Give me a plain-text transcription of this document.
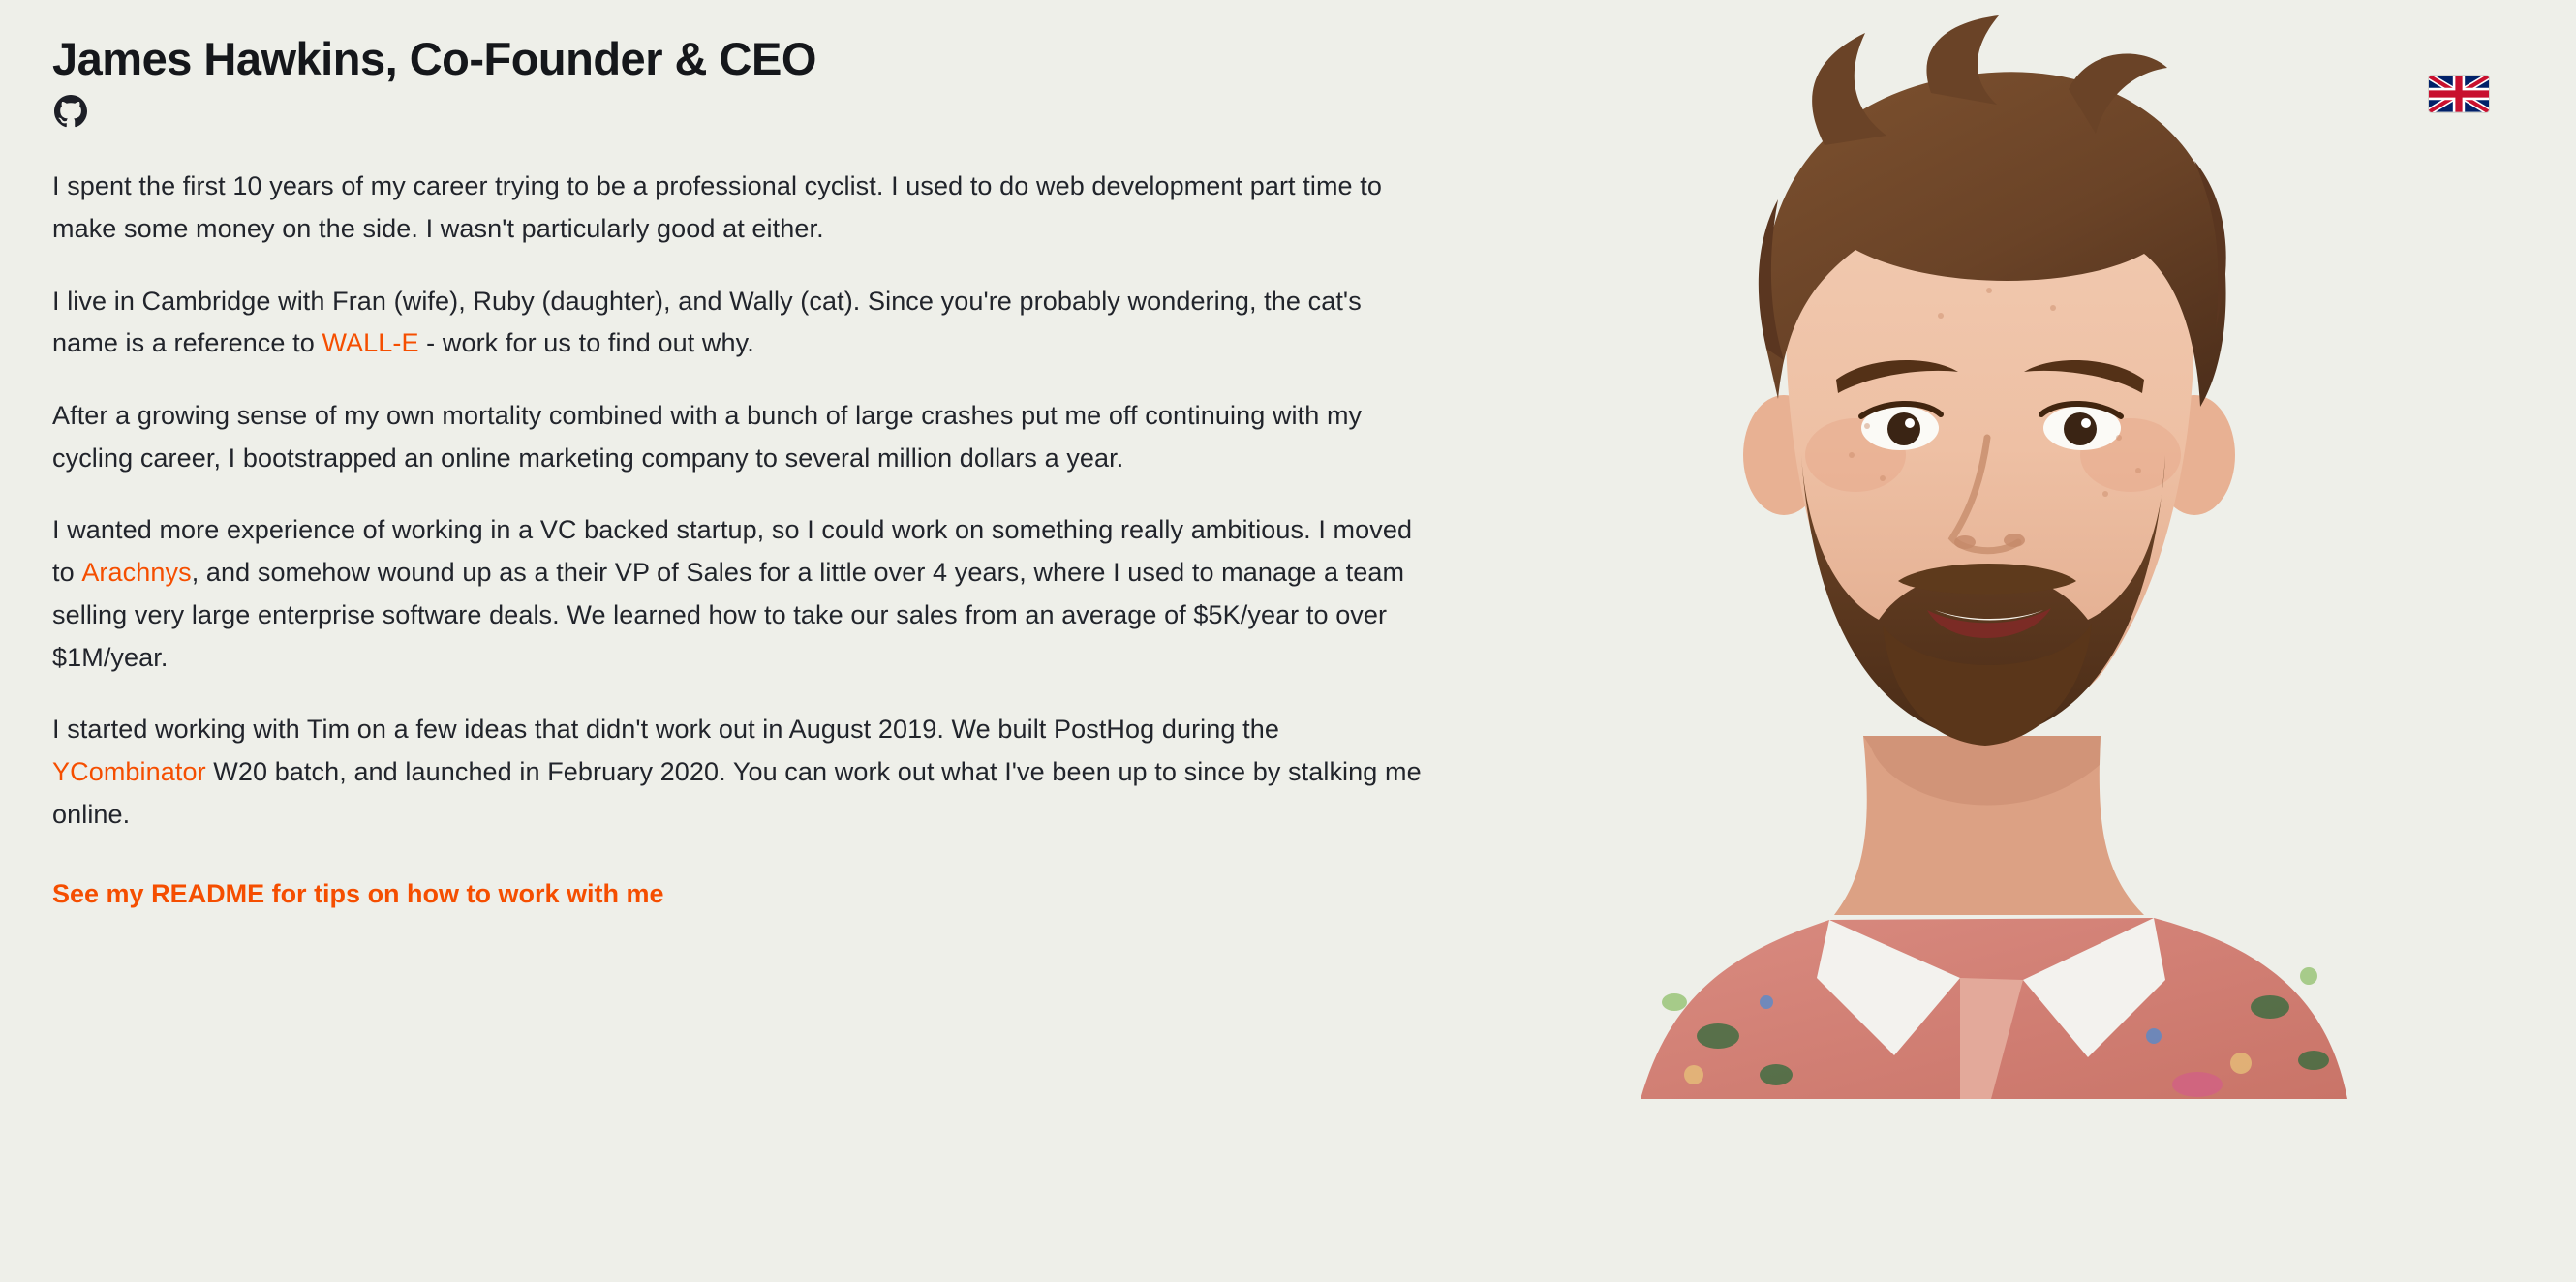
James Hawkins, Co-Founder & CEO

I spent the first 10 years of my career trying to be a professional cyclist. I used to do web development part time to make some money on the side. I wasn't particularly good at either.

I live in Cambridge with Fran (wife), Ruby (daughter), and Wally (cat). Since you're probably wondering, the cat's name is a reference to WALL-E - work for us to find out why.

After a growing sense of my own mortality combined with a bunch of large crashes put me off continuing with my cycling career, I bootstrapped an online marketing company to several million dollars a year.

I wanted more experience of working in a VC backed startup, so I could work on something really ambitious. I moved to Arachnys, and somehow wound up as a their VP of Sales for a little over 4 years, where I used to manage a team selling very large enterprise software deals. We learned how to take our sales from an average of $5K/year to over $1M/year.

I started working with Tim on a few ideas that didn't work out in August 2019. We built PostHog during the YCombinator W20 batch, and launched in February 2020. You can work out what I've been up to since by stalking me online.

See my README for tips on how to work with me
